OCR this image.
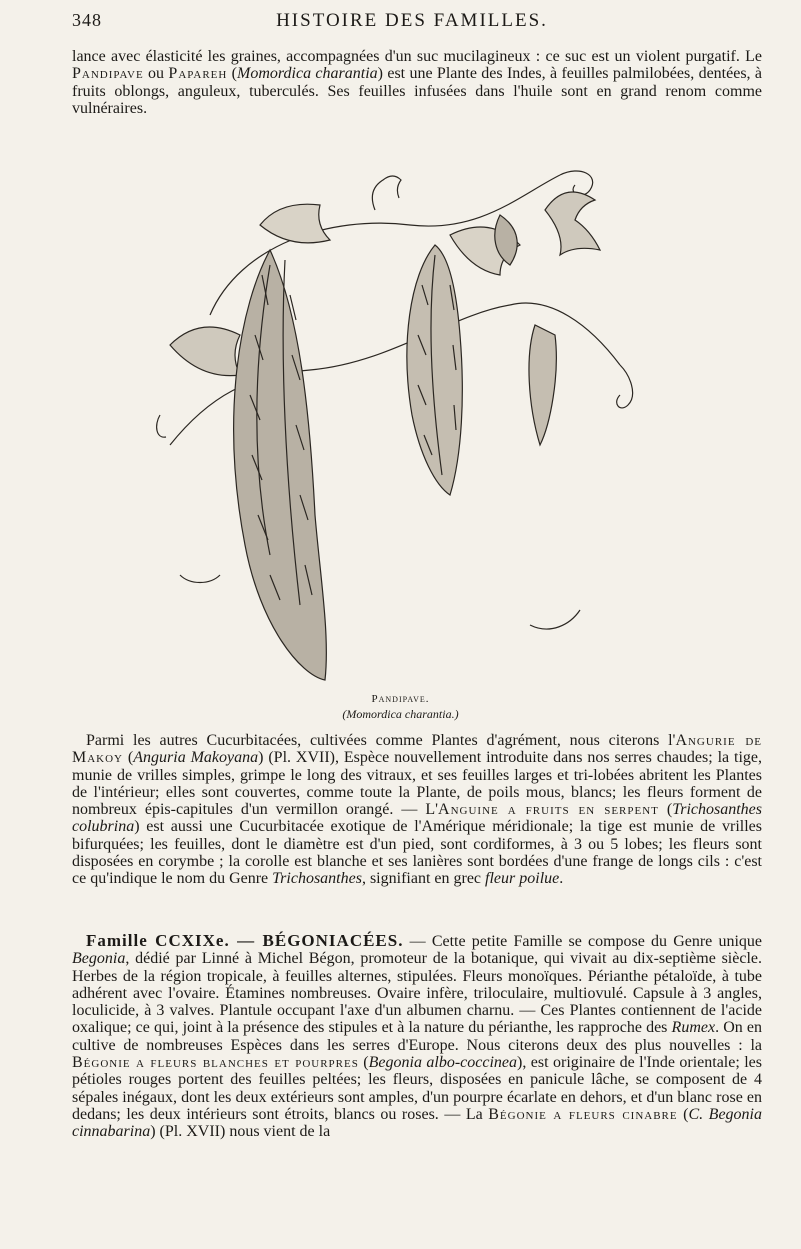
348	HISTOIRE DES FAMILLES.

lance avec élasticité les graines, accompagnées d'un suc mucilagineux : ce suc est un violent purgatif. Le Pandipave ou Papareh (Momordica charantia) est une Plante des Indes, à feuilles palmilobées, dentées, à fruits oblongs, anguleux, tuberculés. Ses feuilles infusées dans l'huile sont en grand renom comme vulnéraires.

Pandipave.
(Momordica charantia.)

Parmi les autres Cucurbitacées, cultivées comme Plantes d'agrément, nous citerons l'Angurie de Makoy (Anguria Makoyana) (Pl. XVII), Espèce nouvellement introduite dans nos serres chaudes; la tige, munie de vrilles simples, grimpe le long des vitraux, et ses feuilles larges et tri-lobées abritent les Plantes de l'intérieur; elles sont couvertes, comme toute la Plante, de poils mous, blancs; les fleurs forment de nombreux épis-capitules d'un vermillon orangé. — L'Anguine a fruits en serpent (Trichosanthes colubrina) est aussi une Cucurbitacée exotique de l'Amérique méridionale; la tige est munie de vrilles bifurquées; les feuilles, dont le diamètre est d'un pied, sont cordiformes, à 3 ou 5 lobes; les fleurs sont disposées en corymbe ; la corolle est blanche et ses lanières sont bordées d'une frange de longs cils : c'est ce qu'indique le nom du Genre Trichosanthes, signifiant en grec fleur poilue.

Famille CCXIXe. — BÉGONIACÉES. — Cette petite Famille se compose du Genre unique Begonia, dédié par Linné à Michel Bégon, promoteur de la botanique, qui vivait au dix-septième siècle. Herbes de la région tropicale, à feuilles alternes, stipulées. Fleurs monoïques. Périanthe pétaloïde, à tube adhérent avec l'ovaire. Étamines nombreuses. Ovaire infère, triloculaire, multiovulé. Capsule à 3 angles, loculicide, à 3 valves. Plantule occupant l'axe d'un albumen charnu. — Ces Plantes contiennent de l'acide oxalique; ce qui, joint à la présence des stipules et à la nature du périanthe, les rapproche des Rumex. On en cultive de nombreuses Espèces dans les serres d'Europe. Nous citerons deux des plus nouvelles : la Bégonie a fleurs blanches et pourpres (Begonia albo-coccinea), est originaire de l'Inde orientale; les pétioles rouges portent des feuilles peltées; les fleurs, disposées en panicule lâche, se composent de 4 sépales inégaux, dont les deux extérieurs sont amples, d'un pourpre écarlate en dehors, et d'un blanc rose en dedans; les deux intérieurs sont étroits, blancs ou roses. — La Bégonie a fleurs cinabre (C. Begonia cinnabarina) (Pl. XVII) nous vient de la
